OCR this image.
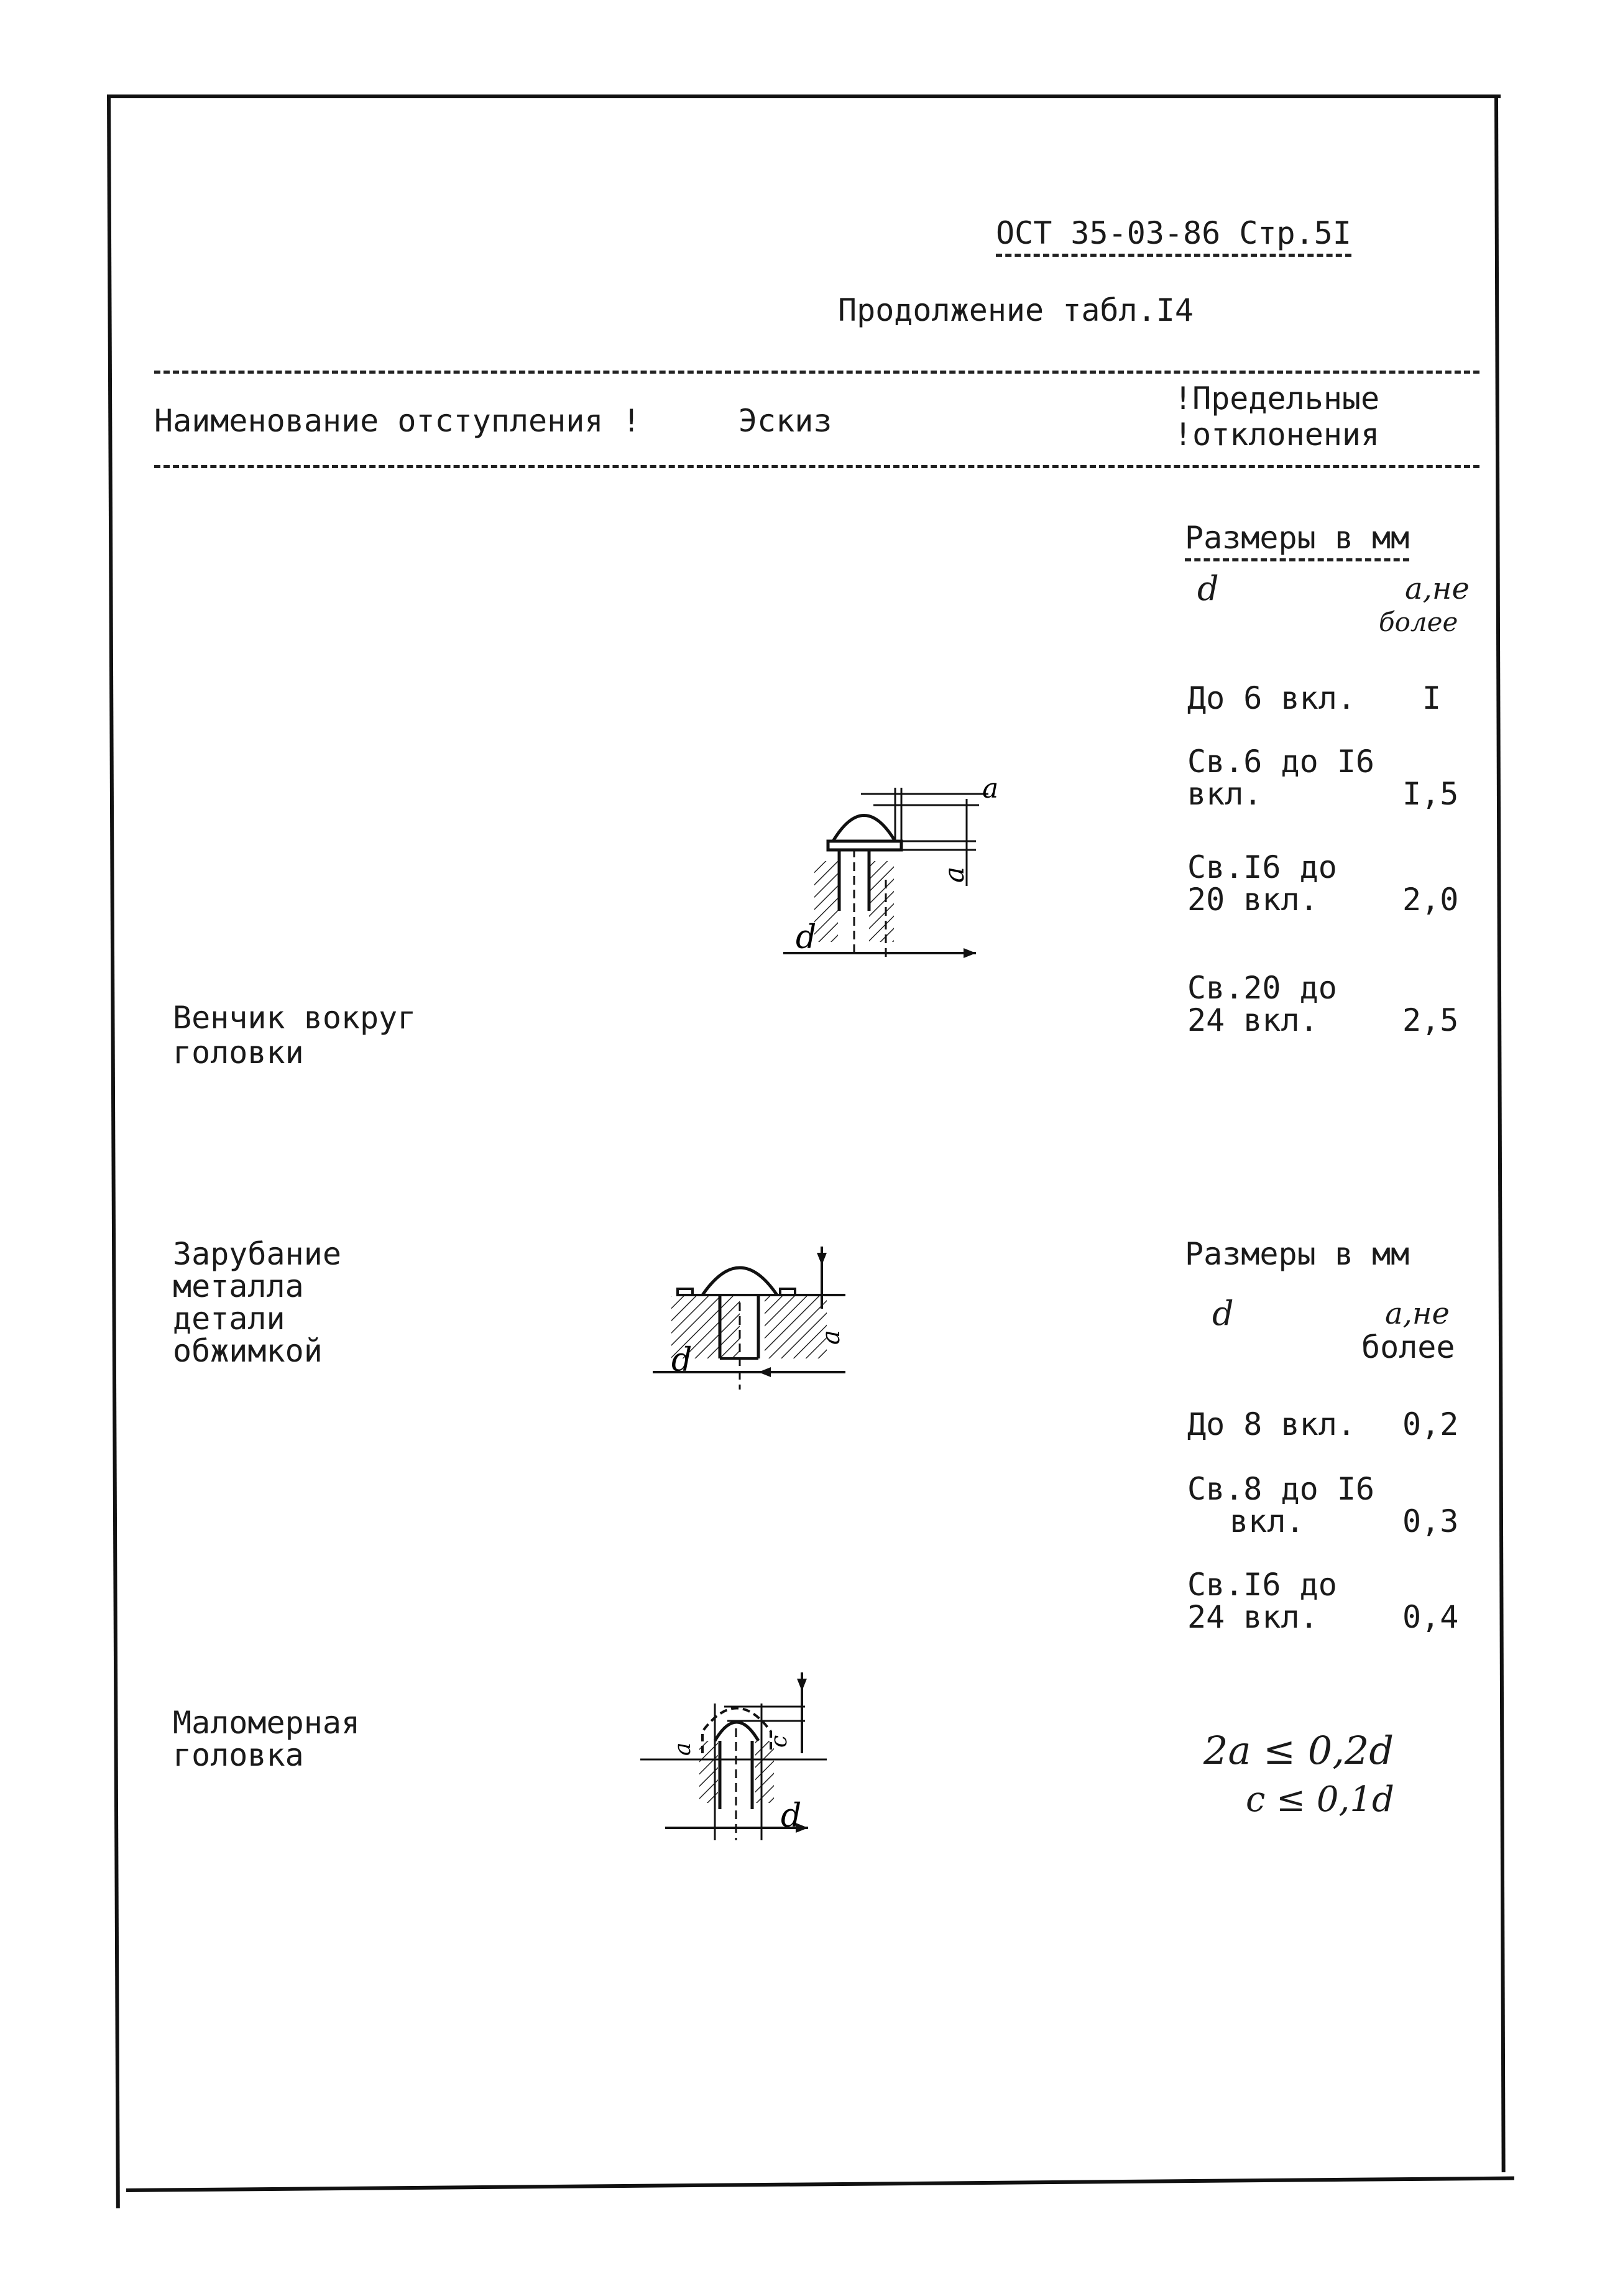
ОСТ 35-03-86 Стр.5I
Продолжение табл.I4
Наименование отступления !	Эскиз
!Предельные
!отклонения
Венчик вокруг
головки
a
a
d
Размеры в мм
d	a,не
более
До 6 вкл. I
Св.6 до I6
вкл.	I,5
Св.I6 до
20 вкл.	2,0
Св.20 до
24 вкл.	2,5
Зарубание
металла
детали
обжимкой	a
d
Размеры в мм
d	a,не
более
До 8 вкл. 0,2
Св.8 до I6
вкл.	0,3
Св.I6 до
24 вкл.	0,4
Маломерная
головка	a
c
d
2a ≤ 0,2d
c ≤ 0,1d
